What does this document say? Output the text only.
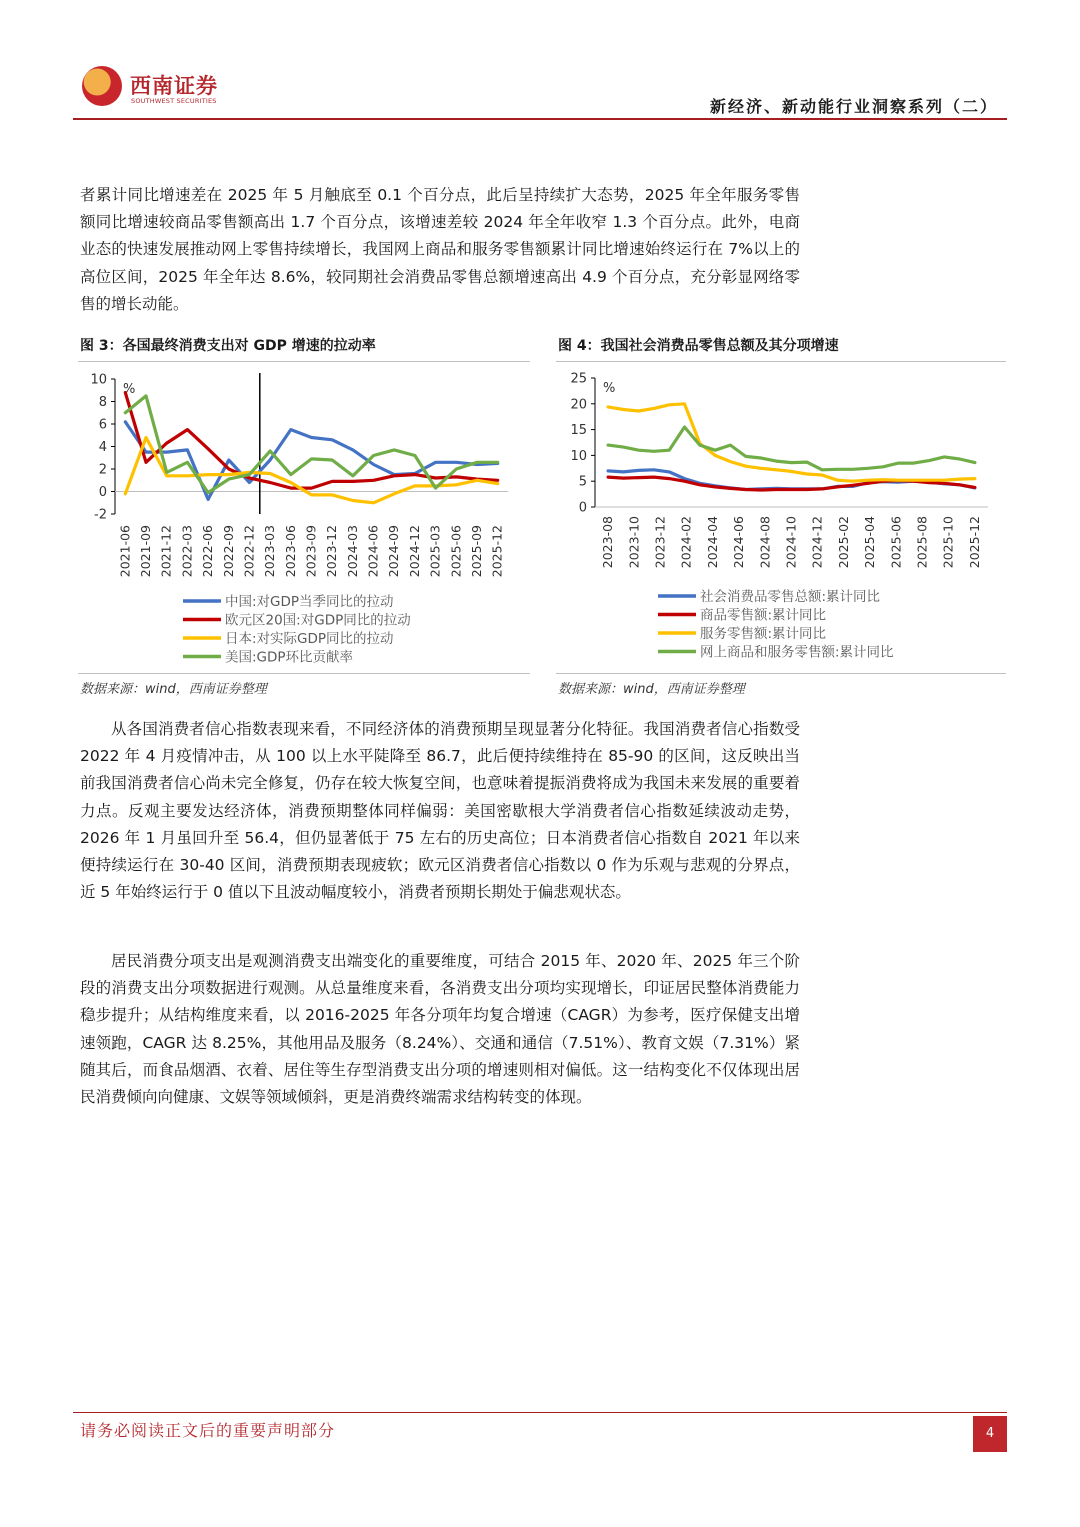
西南证券
SOUTHWEST SECURITIES	新经济、新动能行业洞察系列（二）

者累计同比增速差在 2025 年 5 月触底至 0.1 个百分点，此后呈持续扩大态势，2025 年全年服务零售额同比增速较商品零售额高出 1.7 个百分点，该增速差较 2024 年全年收窄 1.3 个百分点。此外，电商业态的快速发展推动网上零售持续增长，我国网上商品和服务零售额累计同比增速始终运行在 7%以上的高位区间，2025 年全年达 8.6%，较同期社会消费品零售总额增速高出 4.9 个百分点，充分彰显网络零售的增长动能。

图 3：各国最终消费支出对 GDP 增速的拉动率
-2
0
2
4
6
8
10
%
2021-06 2021-09 2021-12 2022-03 2022-06 2022-09 2022-12 2023-03 2023-06 2023-09 2023-12 2024-03 2024-06 2024-09 2024-12 2025-03 2025-06 2025-09 2025-12
中国:对GDP当季同比的拉动
欧元区20国:对GDP同比的拉动
日本:对实际GDP同比的拉动
美国:GDP环比贡献率
数据来源：wind，西南证券整理
图 4：我国社会消费品零售总额及其分项增速
0
5
10
15
20
25
%
2023-08 2023-10 2023-12 2024-02 2024-04 2024-06 2024-08 2024-10 2024-12 2025-02 2025-04 2025-06 2025-08 2025-10 2025-12
社会消费品零售总额:累计同比
商品零售额:累计同比
服务零售额:累计同比
网上商品和服务零售额:累计同比
数据来源：wind，西南证券整理

从各国消费者信心指数表现来看，不同经济体的消费预期呈现显著分化特征。我国消费者信心指数受 2022 年 4 月疫情冲击，从 100 以上水平陡降至 86.7，此后便持续维持在 85-90 的区间，这反映出当前我国消费者信心尚未完全修复，仍存在较大恢复空间，也意味着提振消费将成为我国未来发展的重要着力点。反观主要发达经济体，消费预期整体同样偏弱：美国密歇根大学消费者信心指数延续波动走势，2026 年 1 月虽回升至 56.4，但仍显著低于 75 左右的历史高位；日本消费者信心指数自 2021 年以来便持续运行在 30-40 区间，消费预期表现疲软；欧元区消费者信心指数以 0 作为乐观与悲观的分界点，近 5 年始终运行于 0 值以下且波动幅度较小，消费者预期长期处于偏悲观状态。

居民消费分项支出是观测消费支出端变化的重要维度，可结合 2015 年、2020 年、2025 年三个阶段的消费支出分项数据进行观测。从总量维度来看，各消费支出分项均实现增长，印证居民整体消费能力稳步提升；从结构维度来看，以 2016-2025 年各分项年均复合增速（CAGR）为参考，医疗保健支出增速领跑，CAGR 达 8.25%，其他用品及服务（8.24%）、交通和通信（7.51%）、教育文娱（7.31%）紧随其后，而食品烟酒、衣着、居住等生存型消费支出分项的增速则相对偏低。这一结构变化不仅体现出居民消费倾向向健康、文娱等领域倾斜，更是消费终端需求结构转变的体现。

请务必阅读正文后的重要声明部分	4
